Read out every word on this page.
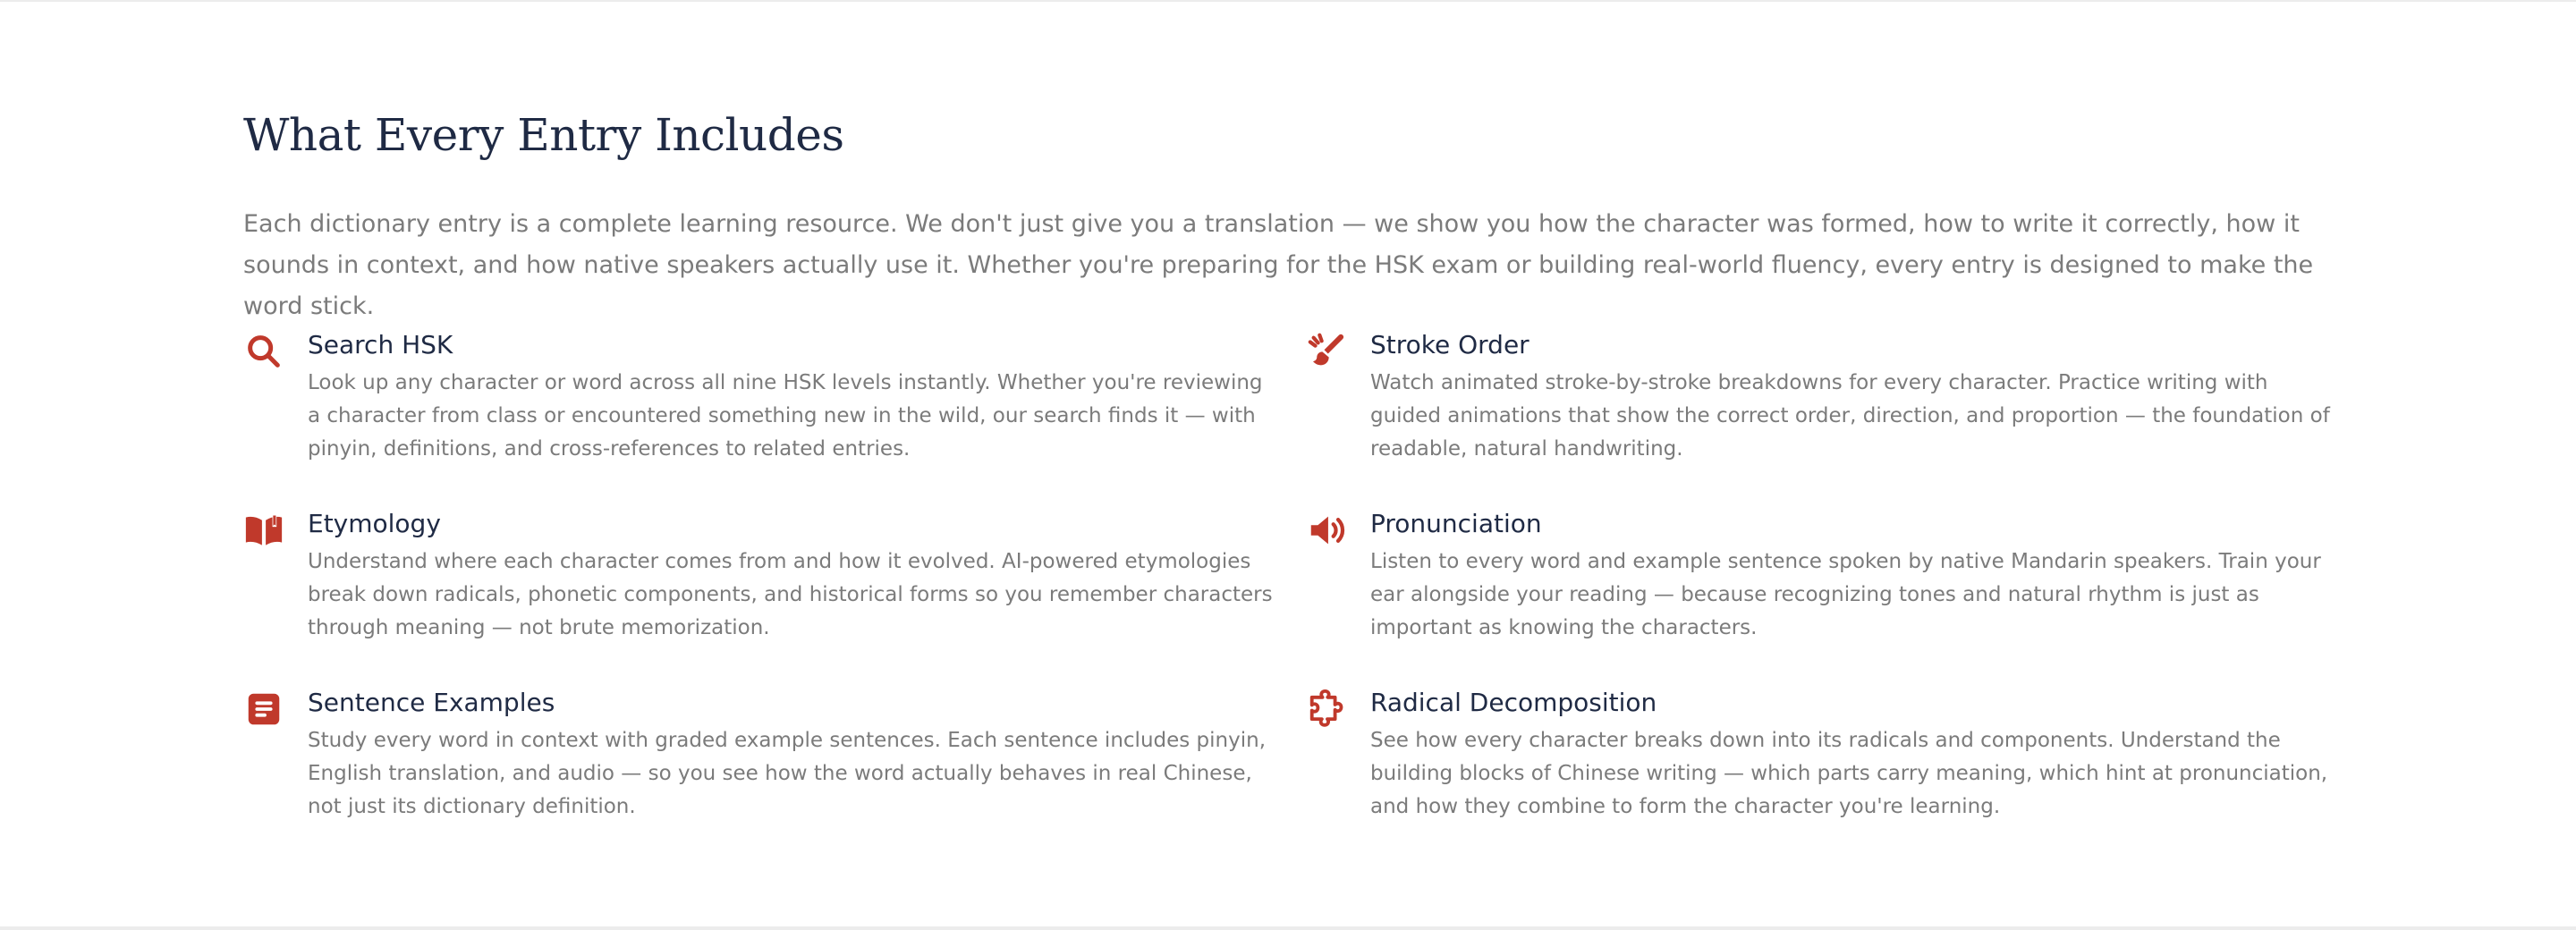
What Every Entry Includes

Each dictionary entry is a complete learning resource. We don't just give you a translation — we show you how the character was formed, how to write it correctly, how it sounds in context, and how native speakers actually use it. Whether you're preparing for the HSK exam or building real-world fluency, every entry is designed to make the word stick.

Search HSK
Look up any character or word across all nine HSK levels instantly. Whether you're reviewing a character from class or encountered something new in the wild, our search finds it — with pinyin, definitions, and cross-references to related entries.
Stroke Order
Watch animated stroke-by-stroke breakdowns for every character. Practice writing with guided animations that show the correct order, direction, and proportion — the foundation of readable, natural handwriting.
Etymology
Understand where each character comes from and how it evolved. AI-powered etymologies break down radicals, phonetic components, and historical forms so you remember characters through meaning — not brute memorization.
Pronunciation
Listen to every word and example sentence spoken by native Mandarin speakers. Train your ear alongside your reading — because recognizing tones and natural rhythm is just as important as knowing the characters.
Sentence Examples
Study every word in context with graded example sentences. Each sentence includes pinyin, English translation, and audio — so you see how the word actually behaves in real Chinese, not just its dictionary definition.
Radical Decomposition
See how every character breaks down into its radicals and components. Understand the building blocks of Chinese writing — which parts carry meaning, which hint at pronunciation, and how they combine to form the character you're learning.
